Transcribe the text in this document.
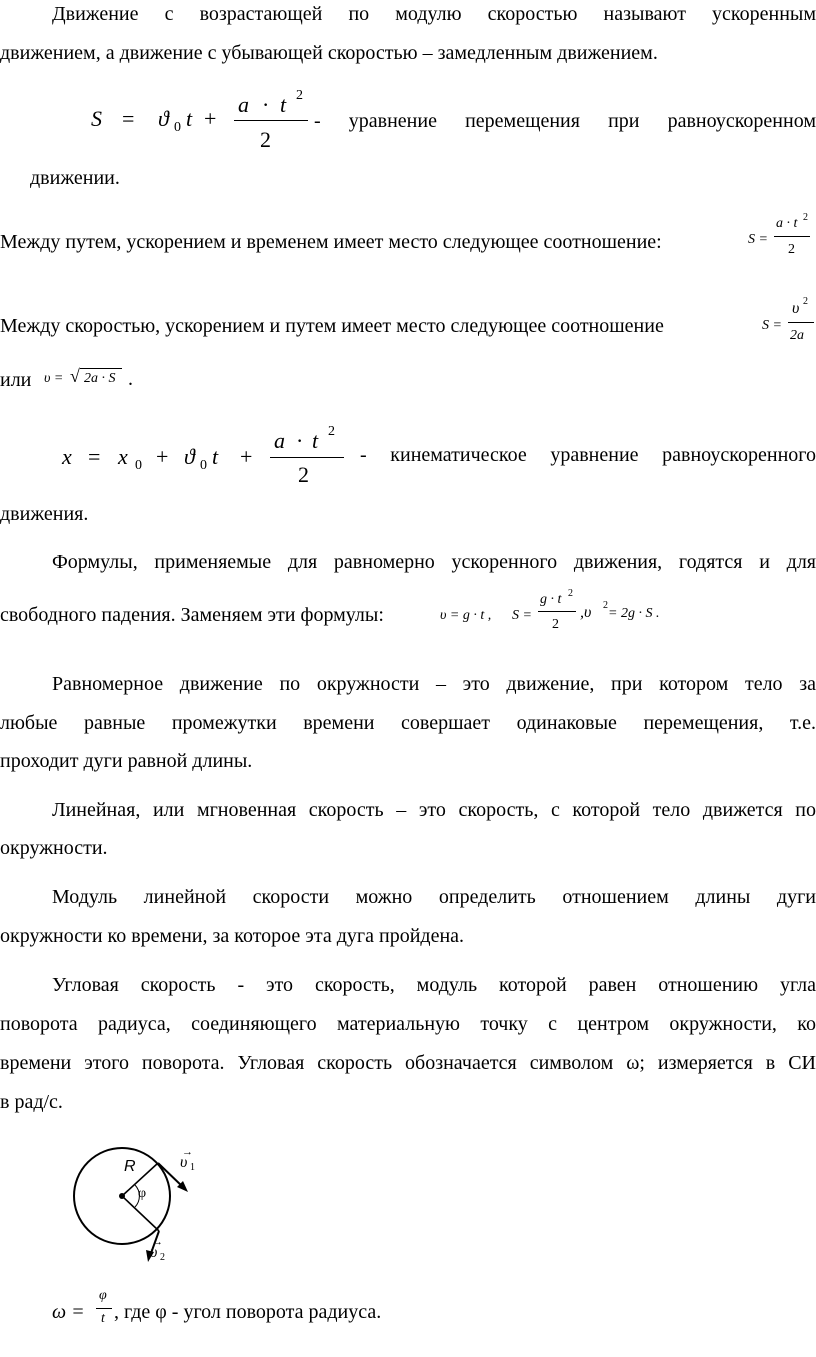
Движение с возрастающей по модулю скоростью называют ускоренным
движением, а движение с убывающей скоростью – замедленным движением.
S = ϑ 0 t +
a · t 2
2
- уравнение перемещения при равноускоренном
движении.
Между путем, ускорением и временем имеет место следующее соотношение:	S =
a · t 2
2
Между скоростью, ускорением и путем имеет место следующее соотношение	S =
υ 2
2a
или υ = √ 2a · S .
x = x 0 + ϑ 0 t +
a · t 2
2
- кинематическое уравнение равноускоренного
движения.
Формулы, применяемые для равномерно ускоренного движения, годятся и для
свободного падения. Заменяем эти формулы:	υ = g · t , S =
g · t 2
2
,υ 2
= 2g · S .
Равномерное движение по окружности – это движение, при котором тело за
любые равные промежутки времени совершает одинаковые перемещения, т.е.
проходит дуги равной длины.
Линейная, или мгновенная скорость – это скорость, с которой тело движется по
окружности.
Модуль линейной скорости можно определить отношением длины дуги
окружности ко времени, за которое эта дуга пройдена.
Угловая скорость - это скорость, модуль которой равен отношению угла
поворота радиуса, соединяющего материальную точку с центром окружности, ко
времени этого поворота. Угловая скорость обозначается символом ω; измеряется в СИ
в рад/с.
R
φ
υ
→
1
υ
→
2
ω =
φ
t , где φ - угол поворота радиуса.
